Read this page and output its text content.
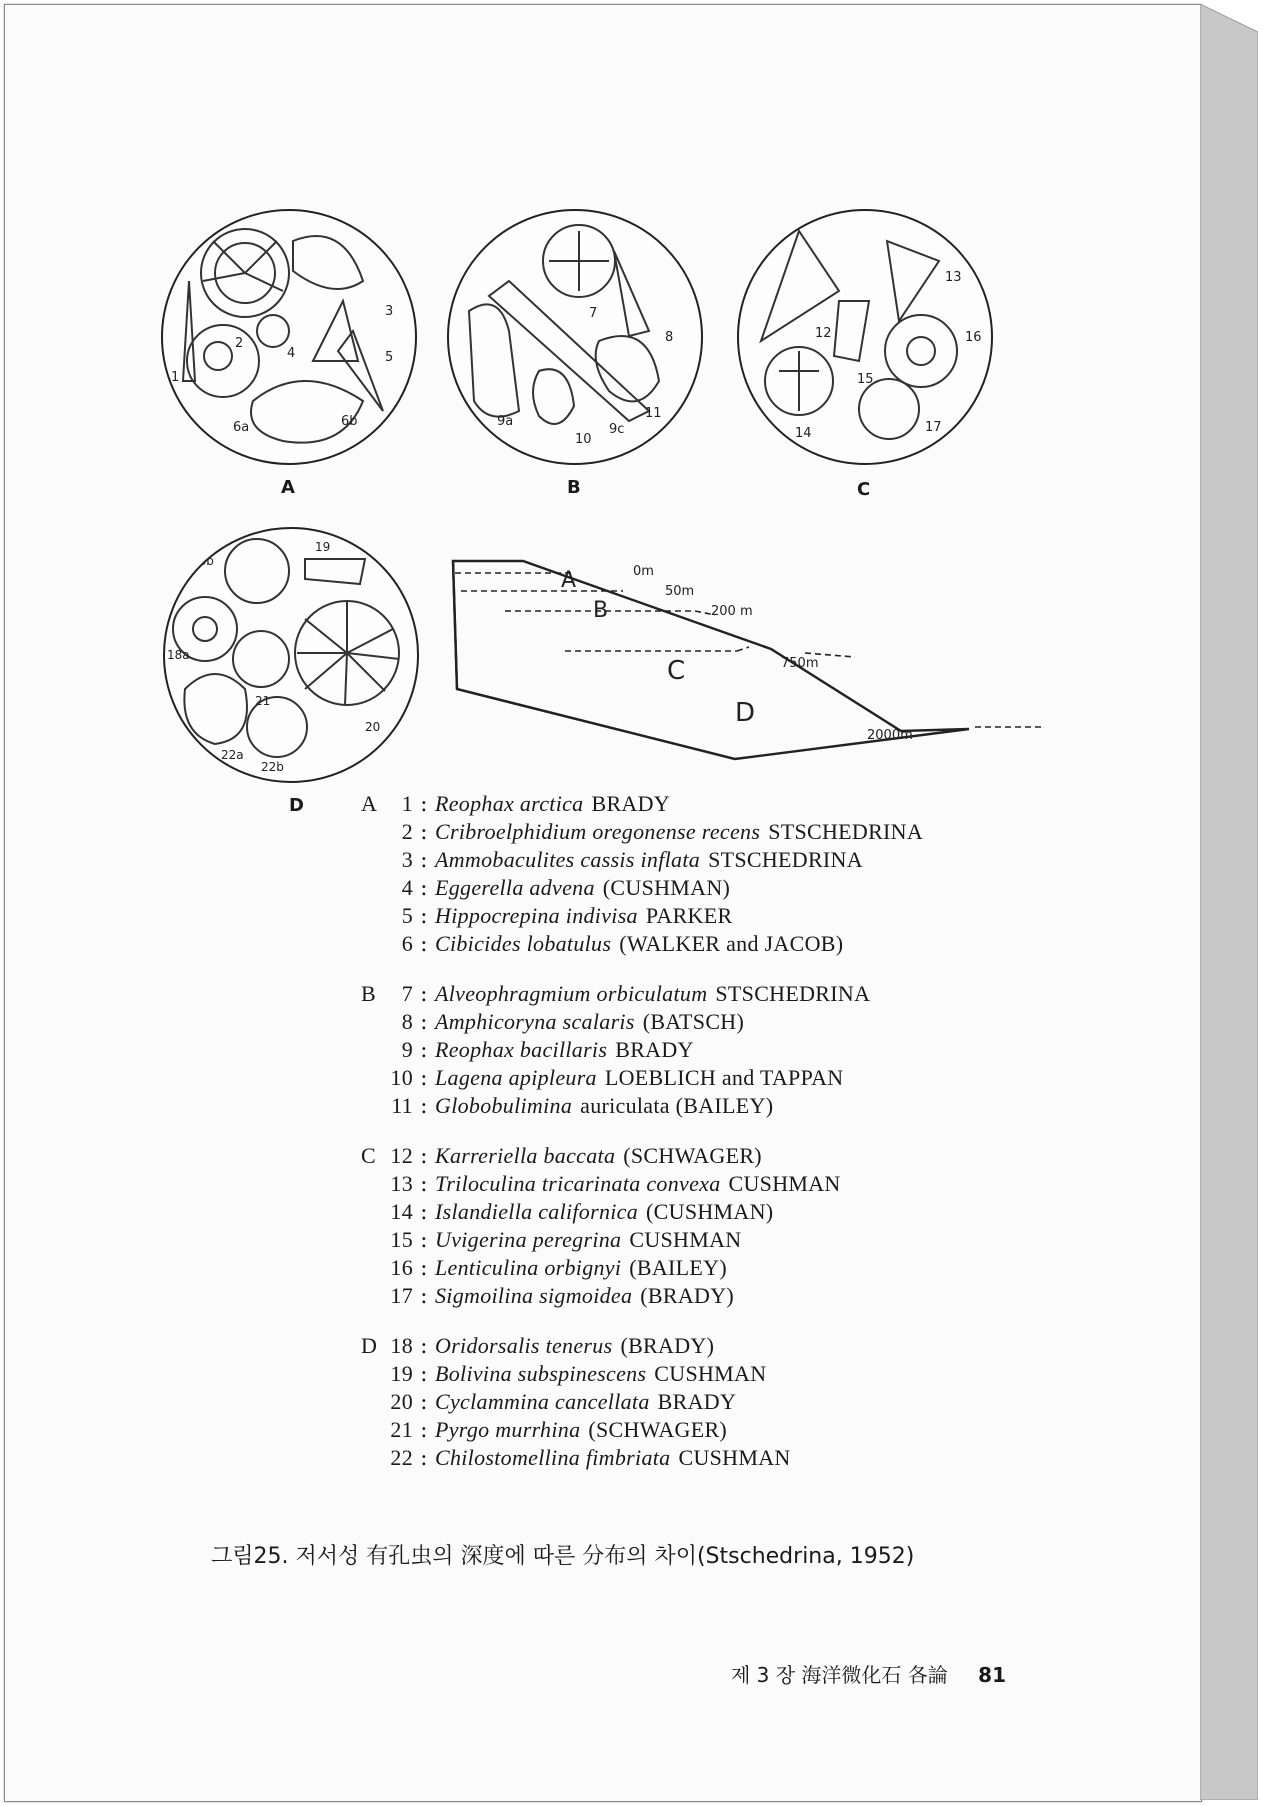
1
2
3
4	5
6a	6b
A
7
8
9a
10
9c
11
B
12
13
15
16
14	17
C
18b
19
18a
21
20
22a
22b
D
A
B
C
D
0m
50m
200 m
750m
2000m
A	1 : Reophax arctica BRADY
2 : Cribroelphidium oregonense recens STSCHEDRINA
3 : Ammobaculites cassis inflata STSCHEDRINA
4 : Eggerella advena (CUSHMAN)
5 : Hippocrepina indivisa PARKER
6 : Cibicides lobatulus (WALKER and JACOB)
B	7 : Alveophragmium orbiculatum STSCHEDRINA
8 : Amphicoryna scalaris (BATSCH)
9 : Reophax bacillaris BRADY
10 : Lagena apipleura LOEBLICH and TAPPAN
11 : Globobulimina auriculata (BAILEY)
C 12 : Karreriella baccata (SCHWAGER)
13 : Triloculina tricarinata convexa CUSHMAN
14 : Islandiella californica (CUSHMAN)
15 : Uvigerina peregrina CUSHMAN
16 : Lenticulina orbignyi (BAILEY)
17 : Sigmoilina sigmoidea (BRADY)
D 18 : Oridorsalis tenerus (BRADY)
19 : Bolivina subspinescens CUSHMAN
20 : Cyclammina cancellata BRADY
21 : Pyrgo murrhina (SCHWAGER)
22 : Chilostomellina fimbriata CUSHMAN
그림25. 저서성 有孔虫의 深度에 따른 分布의 차이(Stschedrina, 1952)
제 3 장 海洋微化石 各論 81
